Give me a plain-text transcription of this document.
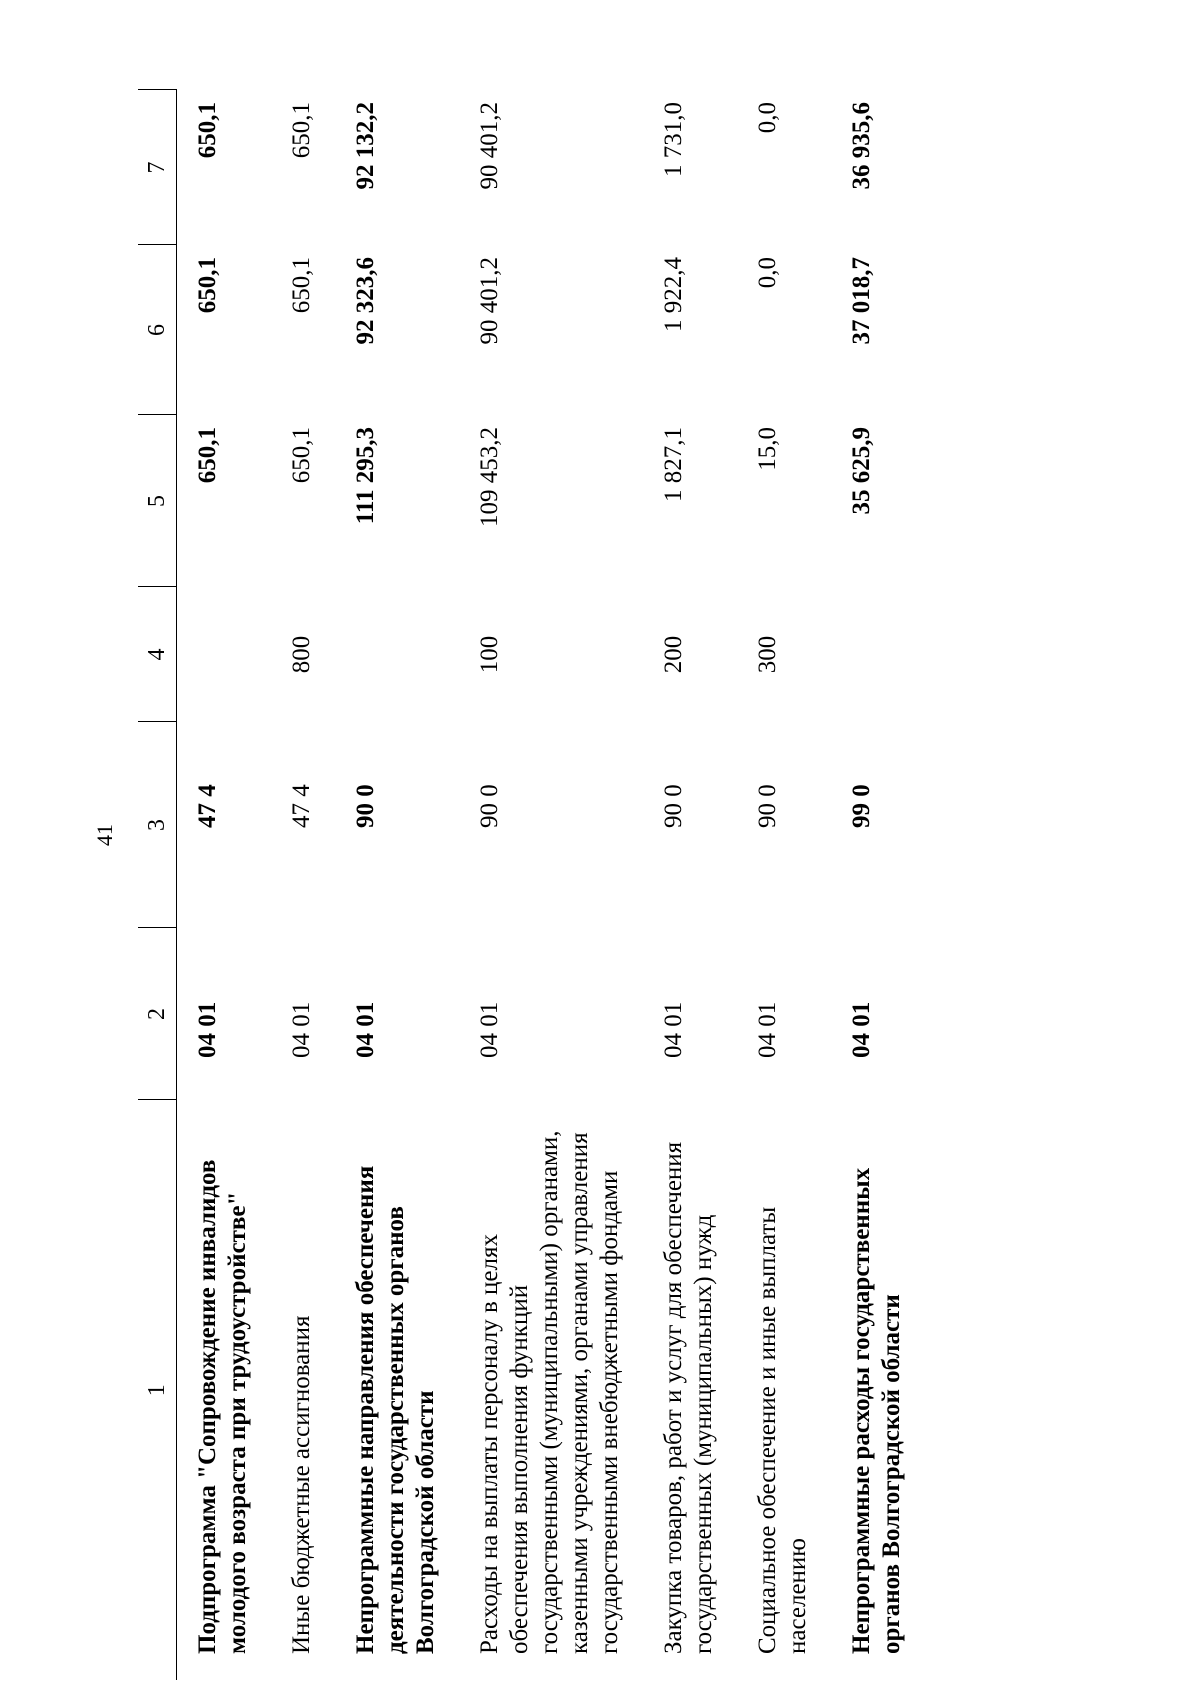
41
1	2	3	4	5	6	7
Подпрограмма "Сопровождение инвалидов молодого возраста при трудоустройстве"	04 01	47 4		650,1	650,1	650,1
Иные бюджетные ассигнования	04 01	47 4	800	650,1	650,1	650,1
Непрограммные направления обеспечения деятельности государственных органов Волгоградской области	04 01	90 0		111 295,3	92 323,6	92 132,2
Расходы на выплаты персоналу в целях обеспечения выполнения функций государственными (муниципальными) органами, казенными учреждениями, органами управления государственными внебюджетными фондами	04 01	90 0	100	109 453,2	90 401,2	90 401,2
Закупка товаров, работ и услуг для обеспечения государственных (муниципальных) нужд	04 01	90 0	200	1 827,1	1 922,4	1 731,0
Социальное обеспечение и иные выплаты населению	04 01	90 0	300	15,0	0,0	0,0
Непрограммные расходы государственных органов Волгоградской области	04 01	99 0		35 625,9	37 018,7	36 935,6
